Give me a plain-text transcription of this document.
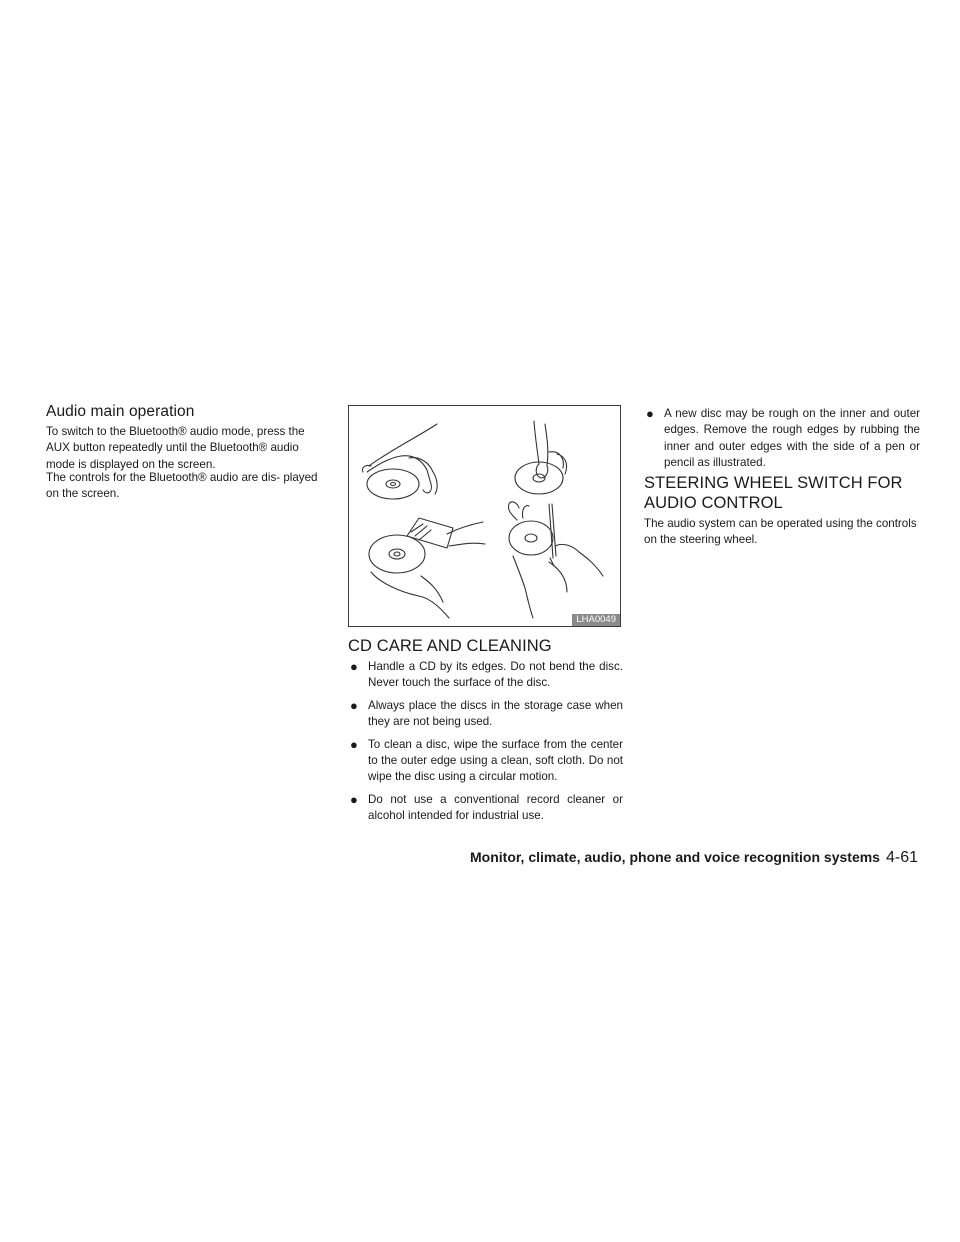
Audio main operation

To switch to the Bluetooth® audio mode, press the AUX button repeatedly until the Bluetooth® audio mode is displayed on the screen.

The controls for the Bluetooth® audio are dis- played on the screen.

LHA0049
CD CARE AND CLEANING
● Handle a CD by its edges. Do not bend the disc. Never touch the surface of the disc.
● Always place the discs in the storage case when they are not being used.
● To clean a disc, wipe the surface from the center to the outer edge using a clean, soft cloth. Do not wipe the disc using a circular motion.
● Do not use a conventional record cleaner or alcohol intended for industrial use.
● A new disc may be rough on the inner and outer edges. Remove the rough edges by rubbing the inner and outer edges with the side of a pen or pencil as illustrated.
STEERING WHEEL SWITCH FOR
AUDIO CONTROL

The audio system can be operated using the controls on the steering wheel.

Monitor, climate, audio, phone and voice recognition systems 4-61
